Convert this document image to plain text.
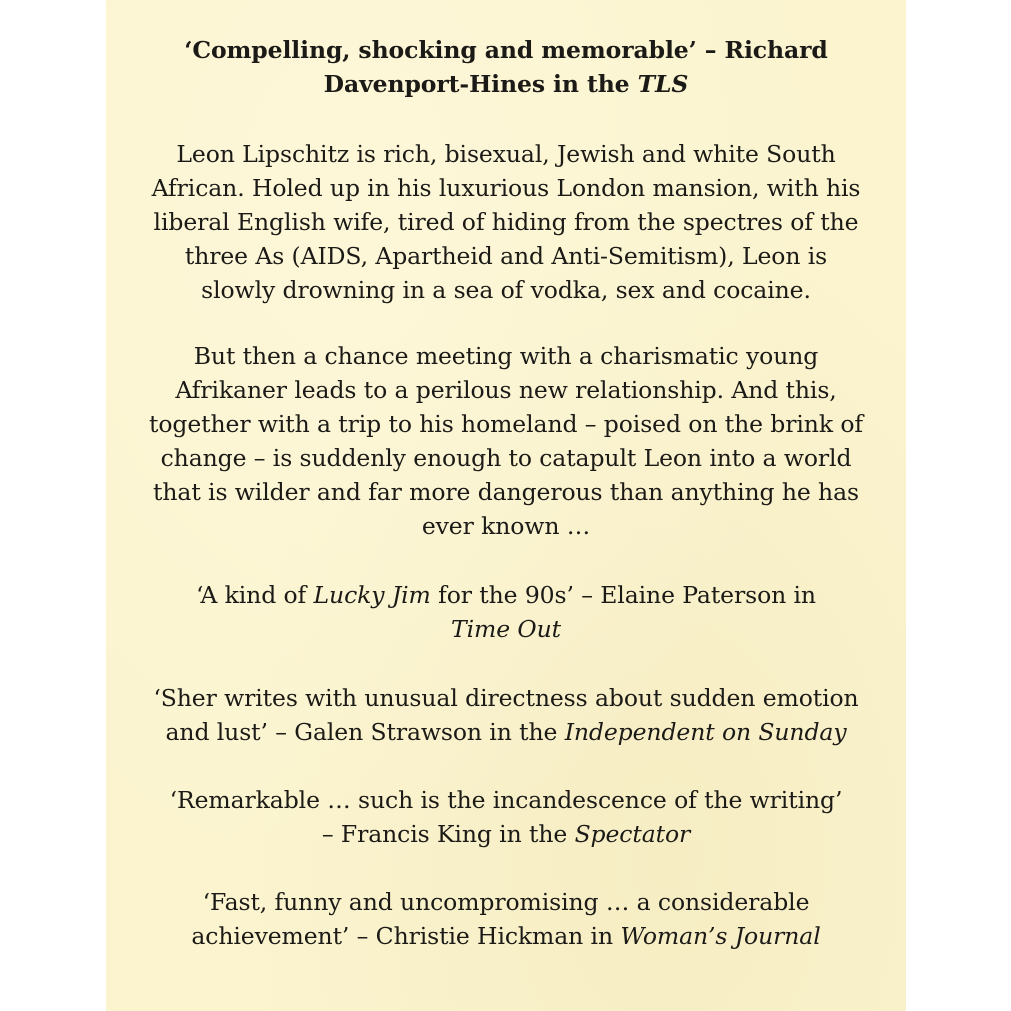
‘Compelling, shocking and memorable’ – Richard
Davenport-Hines in the TLS
Leon Lipschitz is rich, bisexual, Jewish and white South
African. Holed up in his luxurious London mansion, with his
liberal English wife, tired of hiding from the spectres of the
three As (AIDS, Apartheid and Anti-Semitism), Leon is
slowly drowning in a sea of vodka, sex and cocaine.
But then a chance meeting with a charismatic young
Afrikaner leads to a perilous new relationship. And this,
together with a trip to his homeland – poised on the brink of
change – is suddenly enough to catapult Leon into a world
that is wilder and far more dangerous than anything he has
ever known …
‘A kind of Lucky Jim for the 90s’ – Elaine Paterson in
Time Out
‘Sher writes with unusual directness about sudden emotion
and lust’ – Galen Strawson in the Independent on Sunday
‘Remarkable … such is the incandescence of the writing’
– Francis King in the Spectator
‘Fast, funny and uncompromising … a considerable
achievement’ – Christie Hickman in Woman’s Journal
